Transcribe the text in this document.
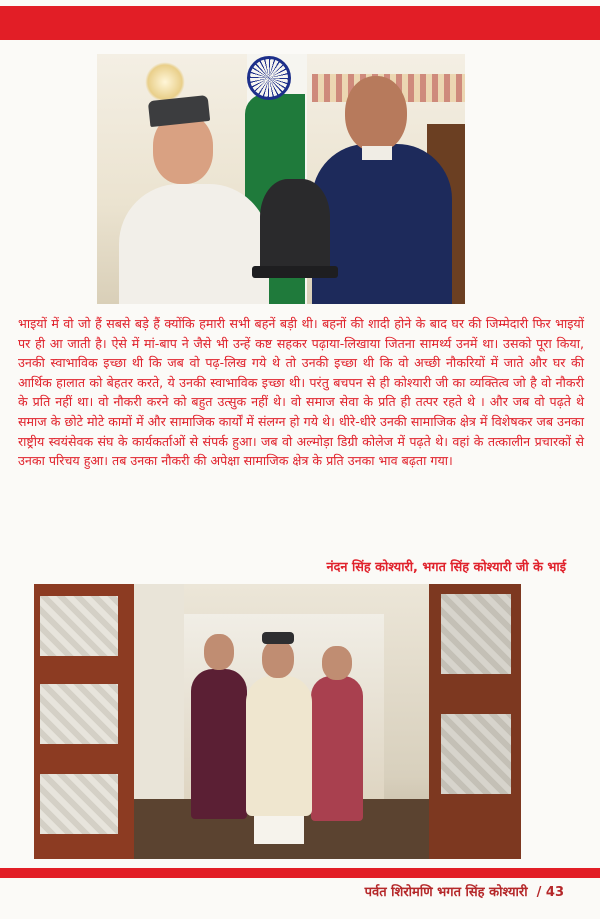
भाइयों में वो जो हैं सबसे बड़े हैं क्योंकि हमारी सभी बहनें बड़ी थी। बहनों की शादी होने के बाद घर की जिम्मेदारी फिर भाइयों पर ही आ जाती है। ऐसे में मां-बाप ने जैसे भी उन्हें कष्ट सहकर पढ़ाया-लिखाया जितना सामर्थ्य उनमें था। उसको पूरा किया, उनकी स्वाभाविक इच्छा थी कि जब वो पढ़-लिख गये थे तो उनकी इच्छा थी कि वो अच्छी नौकरियों में जाते और घर की आर्थिक हालात को बेहतर करते, ये उनकी स्वाभाविक इच्छा थी। परंतु बचपन से ही कोश्यारी जी का व्यक्तित्व जो है वो नौकरी के प्रति नहीं था। वो नौकरी करने को बहुत उत्सुक नहीं थे। वो समाज सेवा के प्रति ही तत्पर रहते थे । और जब वो पढ़ते थे समाज के छोटे मोटे कामों में और सामाजिक कार्यों में संलग्न हो गये थे। धीरे-धीरे उनकी सामाजिक क्षेत्र में विशेषकर जब उनका राष्ट्रीय स्वयंसेवक संघ के कार्यकर्ताओं से संपर्क हुआ। जब वो अल्मोड़ा डिग्री कोलेज में पढ़ते थे। वहां के तत्कालीन प्रचारकों से उनका परिचय हुआ। तब उनका नौकरी की अपेक्षा सामाजिक क्षेत्र के प्रति उनका भाव बढ़ता गया।

नंदन सिंह कोश्यारी, भगत सिंह कोश्यारी जी के भाई

पर्वत शिरोमणि भगत सिंह कोश्यारी / 43
